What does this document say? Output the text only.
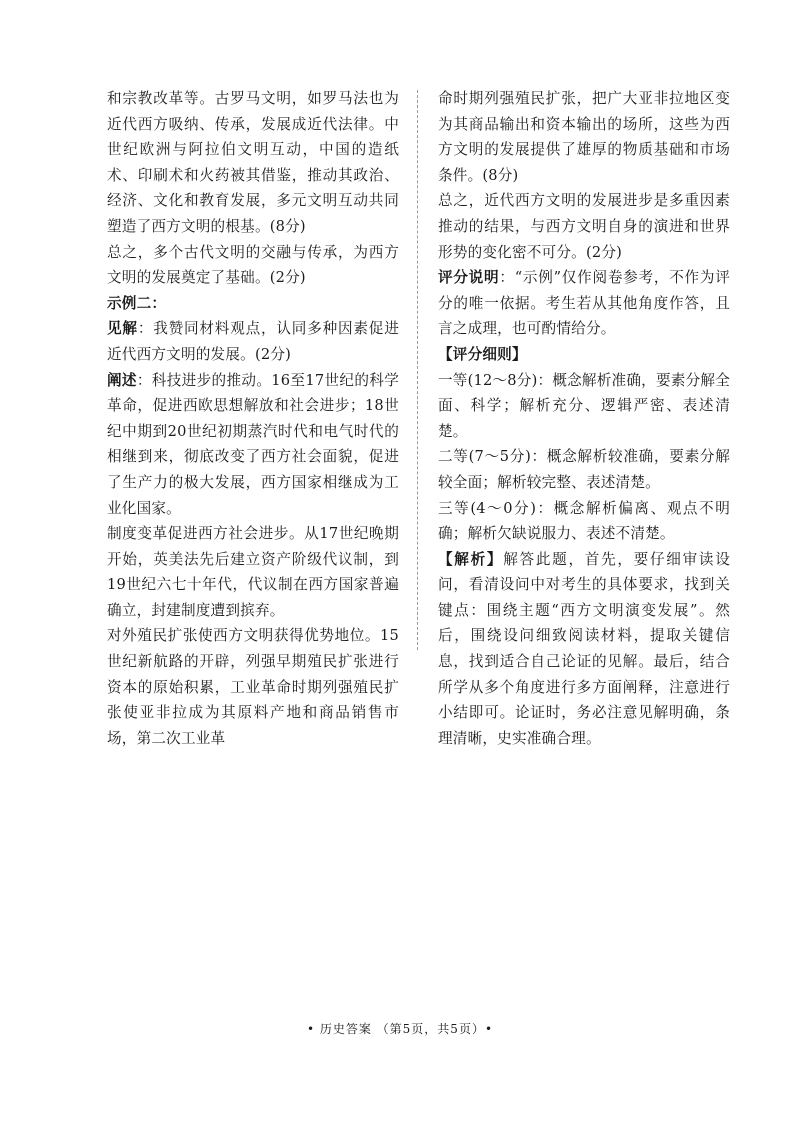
和宗教改革等。古罗马文明，如罗马法也为近代西方吸纳、传承，发展成近代法律。中世纪欧洲与阿拉伯文明互动，中国的造纸术、印刷术和火药被其借鉴，推动其政治、经济、文化和教育发展，多元文明互动共同塑造了西方文明的根基。(8分)

总之，多个古代文明的交融与传承，为西方文明的发展奠定了基础。(2分)

示例二：

见解：我赞同材料观点，认同多种因素促进近代西方文明的发展。(2分)

阐述：科技进步的推动。16至17世纪的科学革命，促进西欧思想解放和社会进步；18世纪中期到20世纪初期蒸汽时代和电气时代的相继到来，彻底改变了西方社会面貌，促进了生产力的极大发展，西方国家相继成为工业化国家。

制度变革促进西方社会进步。从17世纪晚期开始，英美法先后建立资产阶级代议制，到19世纪六七十年代，代议制在西方国家普遍确立，封建制度遭到摈弃。

对外殖民扩张使西方文明获得优势地位。15世纪新航路的开辟，列强早期殖民扩张进行资本的原始积累，工业革命时期列强殖民扩张使亚非拉成为其原料产地和商品销售市场，第二次工业革

命时期列强殖民扩张，把广大亚非拉地区变为其商品输出和资本输出的场所，这些为西方文明的发展提供了雄厚的物质基础和市场条件。(8分)

总之，近代西方文明的发展进步是多重因素推动的结果，与西方文明自身的演进和世界形势的变化密不可分。(2分)

评分说明：“示例”仅作阅卷参考，不作为评分的唯一依据。考生若从其他角度作答，且言之成理，也可酌情给分。

【评分细则】

一等(12～8分)：概念解析准确，要素分解全面、科学；解析充分、逻辑严密、表述清楚。

二等(7～5分)：概念解析较准确，要素分解较全面；解析较完整、表述清楚。

三等(4～0分)：概念解析偏离、观点不明确；解析欠缺说服力、表述不清楚。

【解析】解答此题，首先，要仔细审读设问，看清设问中对考生的具体要求，找到关键点：围绕主题“西方文明演变发展”。然后，围绕设问细致阅读材料，提取关键信息，找到适合自己论证的见解。最后，结合所学从多个角度进行多方面阐释，注意进行小结即可。论证时，务必注意见解明确，条理清晰，史实准确合理。

• 历史答案 （第5页，共5页）•
